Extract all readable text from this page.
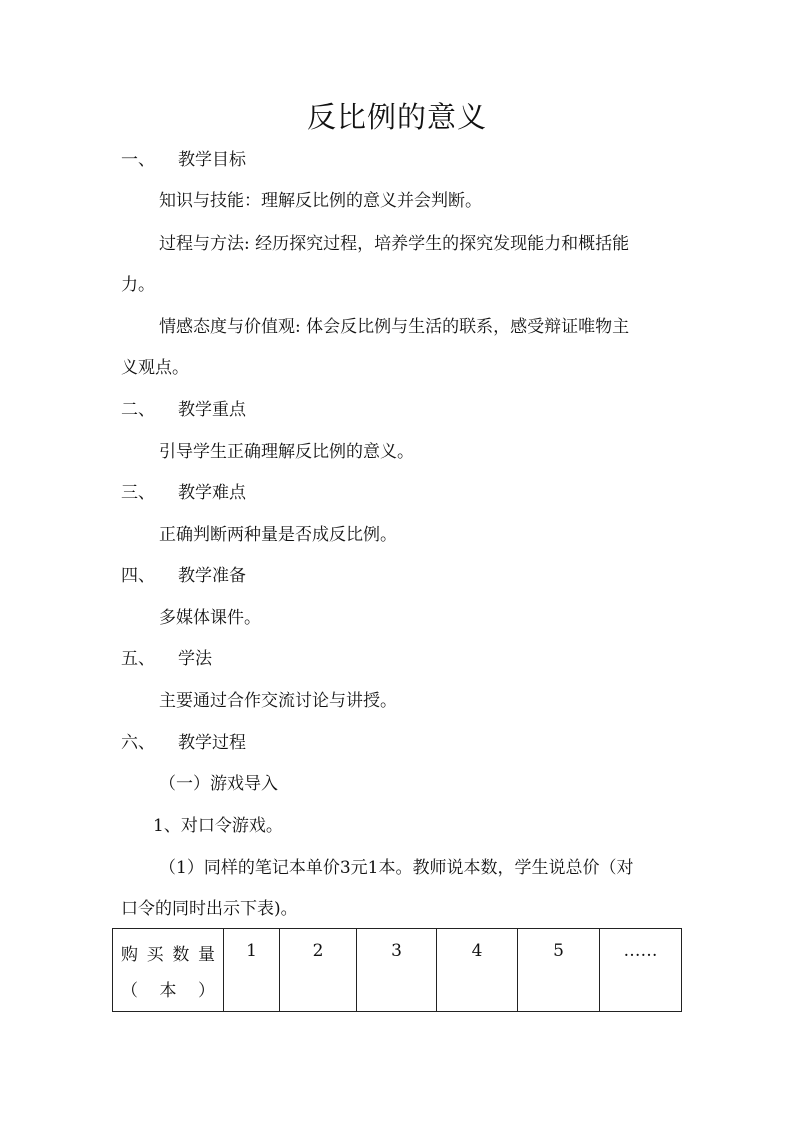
反比例的意义
一、 教学目标
知识与技能：理解反比例的意义并会判断。
过程与方法: 经历探究过程，培养学生的探究发现能力和概括能
力。
情感态度与价值观: 体会反比例与生活的联系，感受辩证唯物主
义观点。
二、 教学重点
引导学生正确理解反比例的意义。
三、 教学难点
正确判断两种量是否成反比例。
四、 教学准备
多媒体课件。
五、 学法
主要通过合作交流讨论与讲授。
六、 教学过程
（一）游戏导入
1、对口令游戏。
（1）同样的笔记本单价3元1本。教师说本数，学生说总价（对
口令的同时出示下表)。
购买数量（本）	1	2	3	4	5	……
